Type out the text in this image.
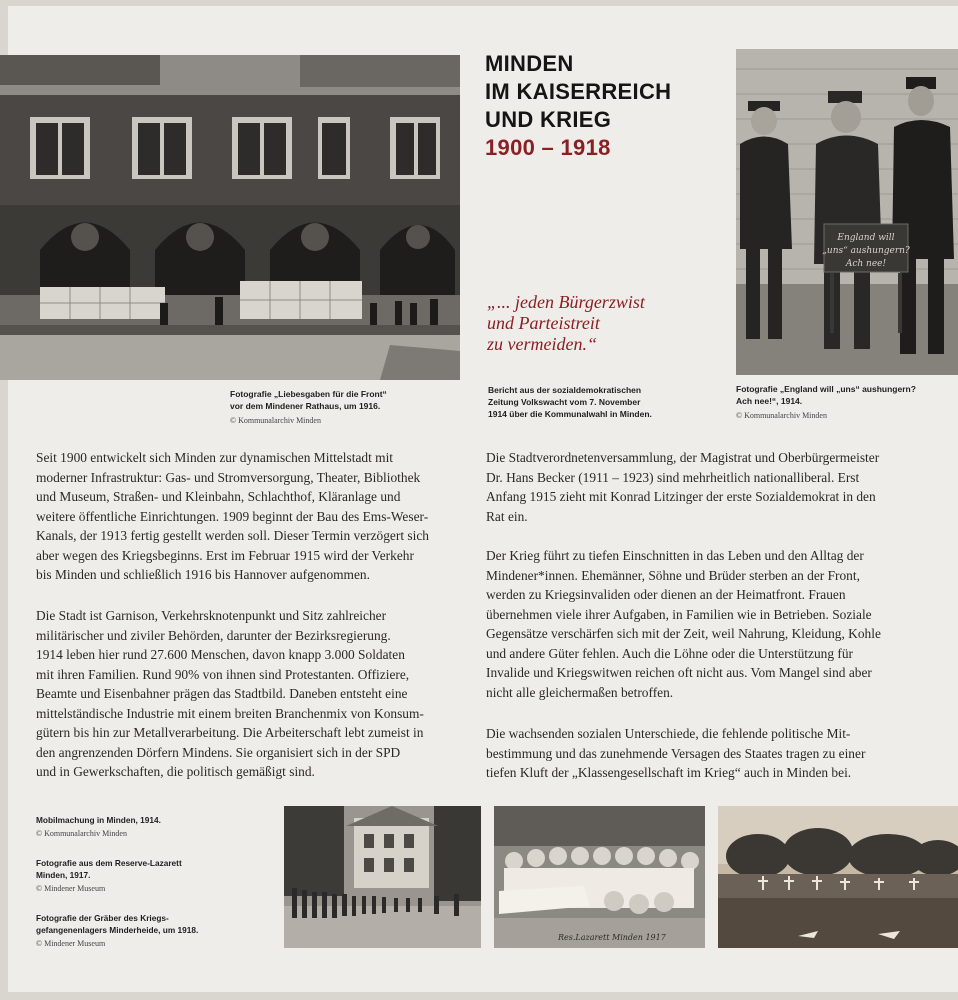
MINDEN
IM KAISERREICH
UND KRIEG
1900 – 1918
England will
„uns“ aushungern?
Ach nee!
„... jeden Bürgerzwist
und Parteistreit
zu vermeiden.“
Fotografie „Liebesgaben für die Front“
vor dem Mindener Rathaus, um 1916.
© Kommunalarchiv Minden
Bericht aus der sozialdemokratischen
Zeitung Volkswacht vom 7. November
1914 über die Kommunalwahl in Minden.
Fotografie „England will „uns“ aushungern?
Ach nee!“, 1914.
© Kommunalarchiv Minden
Seit 1900 entwickelt sich Minden zur dynamischen Mittelstadt mit
moderner Infrastruktur: Gas- und Stromversorgung, Theater, Bibliothek
und Museum, Straßen- und Kleinbahn, Schlachthof, Kläranlage und
weitere öffentliche Einrichtungen. 1909 beginnt der Bau des Ems-Weser-
Kanals, der 1913 fertig gestellt werden soll. Dieser Termin verzögert sich
aber wegen des Kriegsbeginns. Erst im Februar 1915 wird der Verkehr
bis Minden und schließlich 1916 bis Hannover aufgenommen.
Die Stadt ist Garnison, Verkehrsknotenpunkt und Sitz zahlreicher
militärischer und ziviler Behörden, darunter der Bezirksregierung.
1914 leben hier rund 27.600 Menschen, davon knapp 3.000 Soldaten
mit ihren Familien. Rund 90% von ihnen sind Protestanten. Offiziere,
Beamte und Eisenbahner prägen das Stadtbild. Daneben entsteht eine
mittelständische Industrie mit einem breiten Branchenmix von Konsum-
gütern bis hin zur Metallverarbeitung. Die Arbeiterschaft lebt zumeist in
den angrenzenden Dörfern Mindens. Sie organisiert sich in der SPD
und in Gewerkschaften, die politisch gemäßigt sind.
Die Stadtverordnetenversammlung, der Magistrat und Oberbürgermeister
Dr. Hans Becker (1911 – 1923) sind mehrheitlich nationalliberal. Erst
Anfang 1915 zieht mit Konrad Litzinger der erste Sozialdemokrat in den
Rat ein.
Der Krieg führt zu tiefen Einschnitten in das Leben und den Alltag der
Mindener*innen. Ehemänner, Söhne und Brüder sterben an der Front,
werden zu Kriegsinvaliden oder dienen an der Heimatfront. Frauen
übernehmen viele ihrer Aufgaben, in Familien wie in Betrieben. Soziale
Gegensätze verschärfen sich mit der Zeit, weil Nahrung, Kleidung, Kohle
und andere Güter fehlen. Auch die Löhne oder die Unterstützung für
Invalide und Kriegswitwen reichen oft nicht aus. Vom Mangel sind aber
nicht alle gleichermaßen betroffen.
Die wachsenden sozialen Unterschiede, die fehlende politische Mit-
bestimmung und das zunehmende Versagen des Staates tragen zu einer
tiefen Kluft der „Klassengesellschaft im Krieg“ auch in Minden bei.
Mobilmachung in Minden, 1914.
© Kommunalarchiv Minden
Fotografie aus dem Reserve-Lazarett
Minden, 1917.
© Mindener Museum
Fotografie der Gräber des Kriegs-
gefangenenlagers Minderheide, um 1918.
© Mindener Museum
Res.Lazarett Minden 1917
